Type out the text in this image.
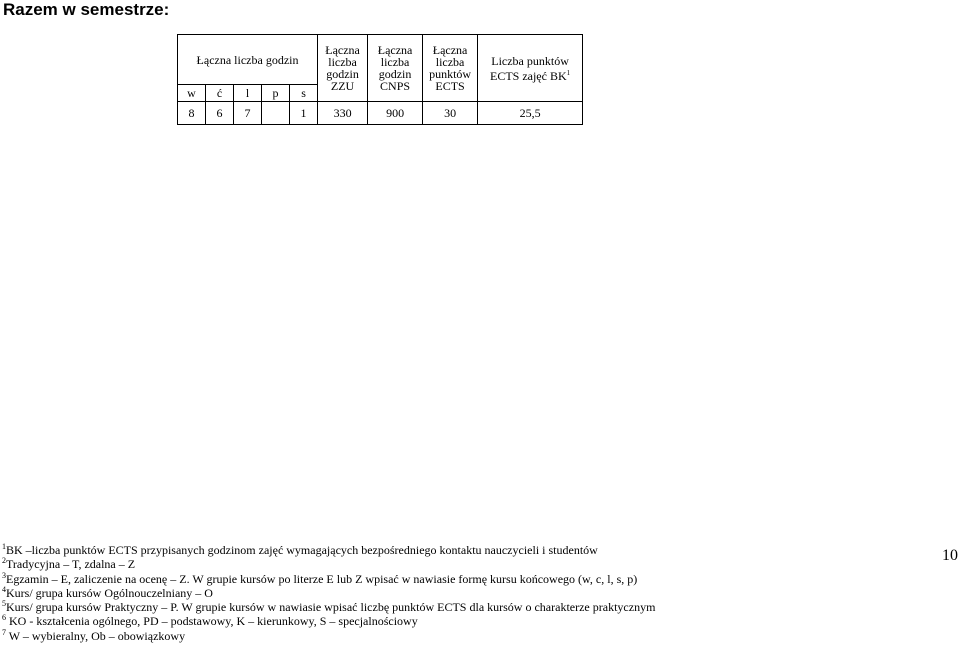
Razem w semestrze:
Łączna liczba godzin					Łączna liczba godzin ZZU	Łączna liczba godzin CNPS	Łączna liczba punktów ECTS	Liczba punktów ECTS zajęć $BK^1$
w	ć	l	p	s				
8	6	7		1	330	900	30	25,5
$^1$BK –liczba punktów ECTS przypisanych godzinom zajęć wymagających bezpośredniego kontaktu nauczycieli i studentów
$^2$Tradycyjna – T, zdalna – Z
$^3$Egzamin – E, zaliczenie na ocenę – Z. W grupie kursów po literze E lub Z wpisać w nawiasie formę kursu końcowego (w, c, l, s, p)
$^4$Kurs/ grupa kursów Ogólnouczelniany – O
$^5$Kurs/ grupa kursów Praktyczny – P. W grupie kursów w nawiasie wpisać liczbę punktów ECTS dla kursów o charakterze praktycznym
$^6$ KO - kształcenia ogólnego, PD – podstawowy, K – kierunkowy, S – specjalnościowy
$^7$ W – wybieralny, Ob – obowiązkowy
10
